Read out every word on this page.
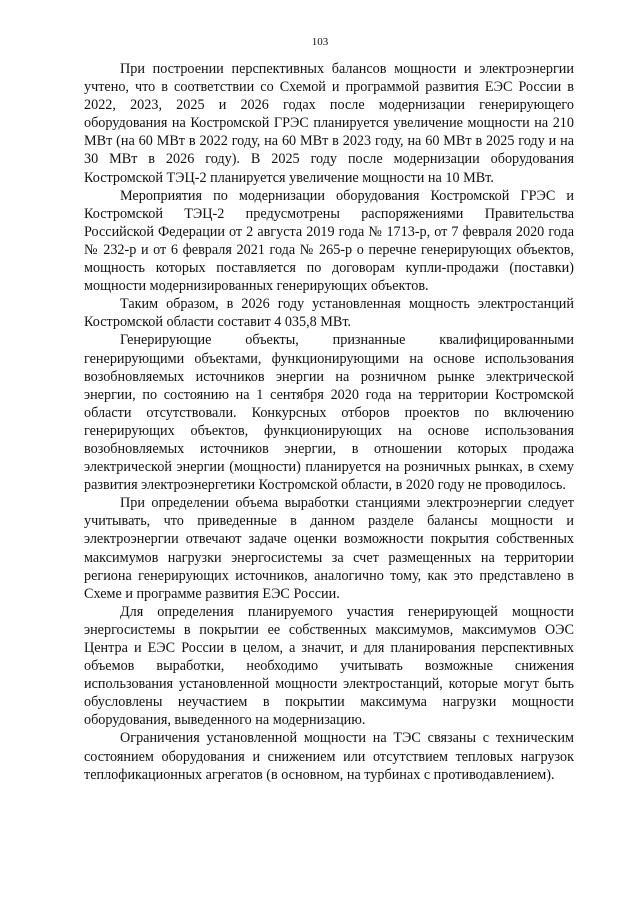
103

При построении перспективных балансов мощности и электроэнергии учтено, что в соответствии со Схемой и программой развития ЕЭС России в 2022, 2023, 2025 и 2026 годах после модернизации генерирующего оборудования на Костромской ГРЭС планируется увеличение мощности на 210 МВт (на 60 МВт в 2022 году, на 60 МВт в 2023 году, на 60 МВт в 2025 году и на 30 МВт в 2026 году). В 2025 году после модернизации оборудования Костромской ТЭЦ-2 планируется увеличение мощности на 10 МВт.

Мероприятия по модернизации оборудования Костромской ГРЭС и Костромской ТЭЦ-2 предусмотрены распоряжениями Правительства Российской Федерации от 2 августа 2019 года № 1713-р, от 7 февраля 2020 года № 232-р и от 6 февраля 2021 года № 265-р о перечне генерирующих объектов, мощность которых поставляется по договорам купли-продажи (поставки) мощности модернизированных генерирующих объектов.

Таким образом, в 2026 году установленная мощность электростанций Костромской области составит 4 035,8 МВт.

Генерирующие объекты, признанные квалифицированными генерирующими объектами, функционирующими на основе использования возобновляемых источников энергии на розничном рынке электрической энергии, по состоянию на 1 сентября 2020 года на территории Костромской области отсутствовали. Конкурсных отборов проектов по включению генерирующих объектов, функционирующих на основе использования возобновляемых источников энергии, в отношении которых продажа электрической энергии (мощности) планируется на розничных рынках, в схему развития электроэнергетики Костромской области, в 2020 году не проводилось.

При определении объема выработки станциями электроэнергии следует учитывать, что приведенные в данном разделе балансы мощности и электроэнергии отвечают задаче оценки возможности покрытия собственных максимумов нагрузки энергосистемы за счет размещенных на территории региона генерирующих источников, аналогично тому, как это представлено в Схеме и программе развития ЕЭС России.

Для определения планируемого участия генерирующей мощности энергосистемы в покрытии ее собственных максимумов, максимумов ОЭС Центра и ЕЭС России в целом, а значит, и для планирования перспективных объемов выработки, необходимо учитывать возможные снижения использования установленной мощности электростанций, которые могут быть обусловлены неучастием в покрытии максимума нагрузки мощности оборудования, выведенного на модернизацию.

Ограничения установленной мощности на ТЭС связаны с техническим состоянием оборудования и снижением или отсутствием тепловых нагрузок теплофикационных агрегатов (в основном, на турбинах с противодавлением).
